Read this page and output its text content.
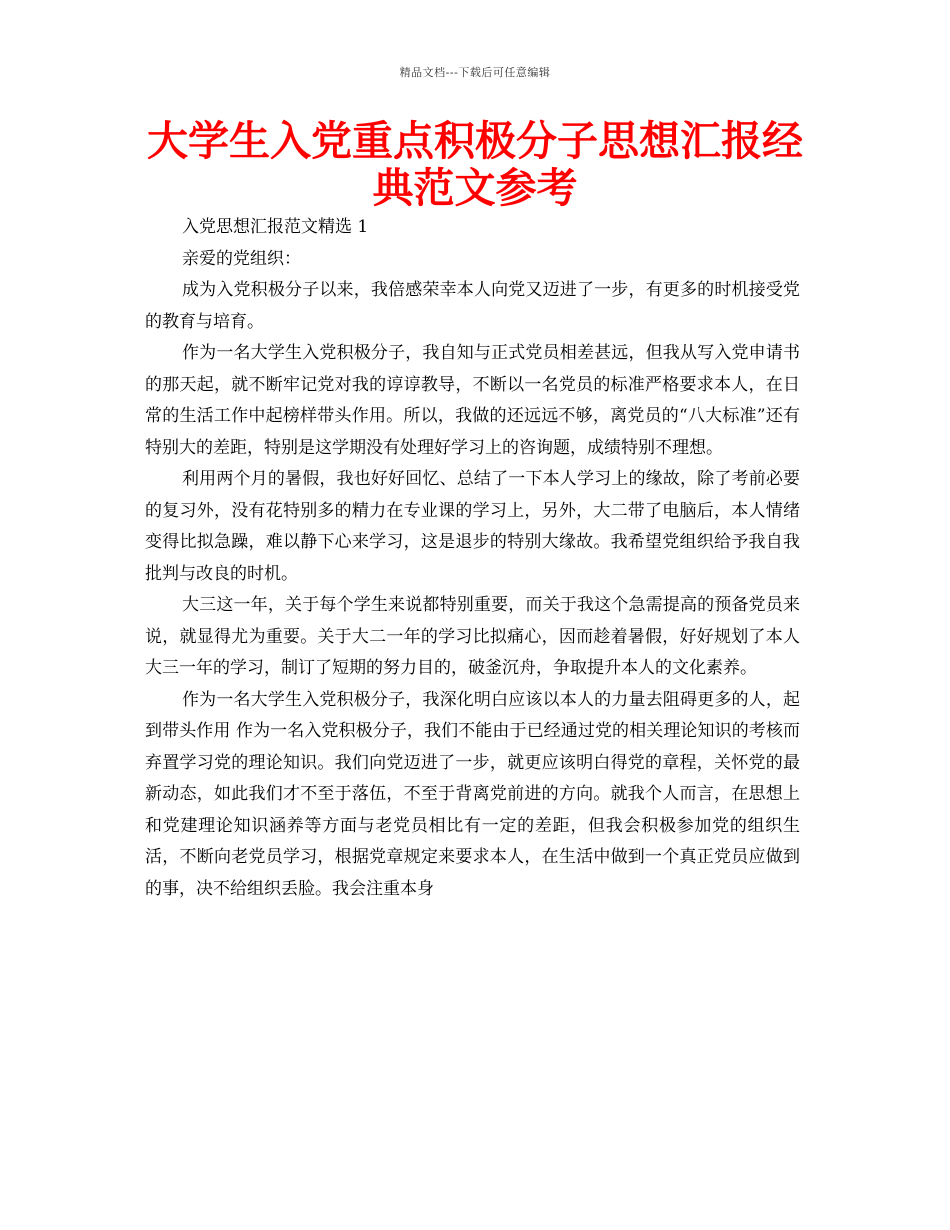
精品文档---下载后可任意编辑
大学生入党重点积极分子思想汇报经典范文参考

入党思想汇报范文精选 1

亲爱的党组织：

成为入党积极分子以来，我倍感荣幸本人向党又迈进了一步，有更多的时机接受党的教育与培育。

作为一名大学生入党积极分子，我自知与正式党员相差甚远，但我从写入党申请书的那天起，就不断牢记党对我的谆谆教导，不断以一名党员的标准严格要求本人，在日常的生活工作中起榜样带头作用。所以，我做的还远远不够，离党员的“八大标准”还有特别大的差距，特别是这学期没有处理好学习上的咨询题，成绩特别不理想。

利用两个月的暑假，我也好好回忆、总结了一下本人学习上的缘故，除了考前必要的复习外，没有花特别多的精力在专业课的学习上，另外，大二带了电脑后，本人情绪变得比拟急躁，难以静下心来学习，这是退步的特别大缘故。我希望党组织给予我自我批判与改良的时机。

大三这一年，关于每个学生来说都特别重要，而关于我这个急需提高的预备党员来说，就显得尤为重要。关于大二一年的学习比拟痛心，因而趁着暑假，好好规划了本人大三一年的学习，制订了短期的努力目的，破釜沉舟，争取提升本人的文化素养。

作为一名大学生入党积极分子，我深化明白应该以本人的力量去阻碍更多的人，起到带头作用 作为一名入党积极分子，我们不能由于已经通过党的相关理论知识的考核而弃置学习党的理论知识。我们向党迈进了一步，就更应该明白得党的章程，关怀党的最新动态，如此我们才不至于落伍，不至于背离党前进的方向。就我个人而言，在思想上和党建理论知识涵养等方面与老党员相比有一定的差距，但我会积极参加党的组织生活，不断向老党员学习，根据党章规定来要求本人，在生活中做到一个真正党员应做到的事，决不给组织丢脸。我会注重本身
